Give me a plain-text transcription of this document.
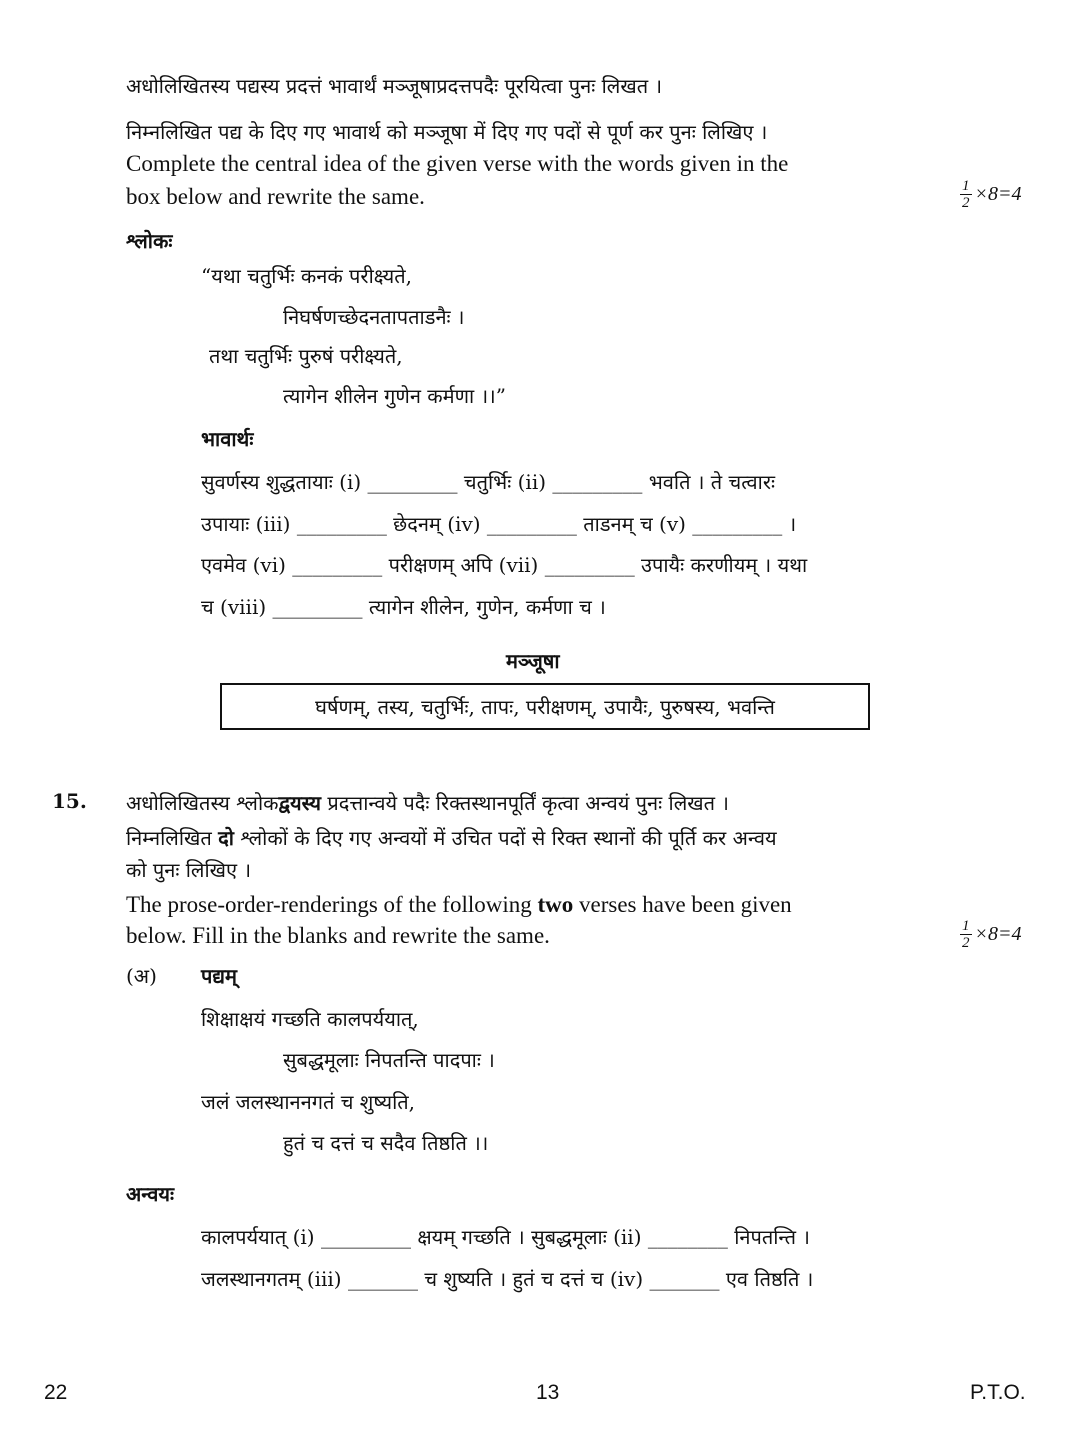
अधोलिखितस्य पद्यस्य प्रदत्तं भावार्थं मञ्जूषाप्रदत्तपदैः पूरयित्वा पुनः लिखत ।
निम्नलिखित पद्य के दिए गए भावार्थ को मञ्जूषा में दिए गए पदों से पूर्ण कर पुनः लिखिए ।
Complete the central idea of the given verse with the words given in the
box below and rewrite the same.	$\frac{1}{2} \times 8=4$
श्लोकः
“यथा चतुर्भिः कनकं परीक्ष्यते,
निघर्षणच्छेदनतापताडनैः ।
तथा चतुर्भिः पुरुषं परीक्ष्यते,
त्यागेन शीलेन गुणेन कर्मणा ।।”
भावार्थः
सुवर्णस्य शुद्धतायाः (i) _________ चतुर्भिः (ii) _________ भवति । ते चत्वारः
उपायाः (iii) _________ छेदनम् (iv) _________ ताडनम् च (v) _________ ।
एवमेव (vi) _________ परीक्षणम् अपि (vii) _________ उपायैः करणीयम् । यथा
च (viii) _________ त्यागेन शीलेन, गुणेन, कर्मणा च ।
मञ्जूषा
घर्षणम्, तस्य, चतुर्भिः, तापः, परीक्षणम्, उपायैः, पुरुषस्य, भवन्ति
15. अधोलिखितस्य श्लोकद्वयस्य प्रदत्तान्वये पदैः रिक्तस्थानपूर्तिं कृत्वा अन्वयं पुनः लिखत ।
निम्नलिखित दो श्लोकों के दिए गए अन्वयों में उचित पदों से रिक्त स्थानों की पूर्ति कर अन्वय
को पुनः लिखिए ।
The prose-order-renderings of the following two verses have been given
below. Fill in the blanks and rewrite the same.	$\frac{1}{2} \times 8=4$
(अ) पद्यम्
शिक्षाक्षयं गच्छति कालपर्ययात्,
सुबद्धमूलाः निपतन्ति पादपाः ।
जलं जलस्थाननगतं च शुष्यति,
हुतं च दत्तं च सदैव तिष्ठति ।।
अन्वयः
कालपर्ययात् (i) _________ क्षयम् गच्छति । सुबद्धमूलाः (ii) ________ निपतन्ति ।
जलस्थानगतम् (iii) _______ च शुष्यति । हुतं च दत्तं च (iv) _______ एव तिष्ठति ।
22	13	P.T.O.
